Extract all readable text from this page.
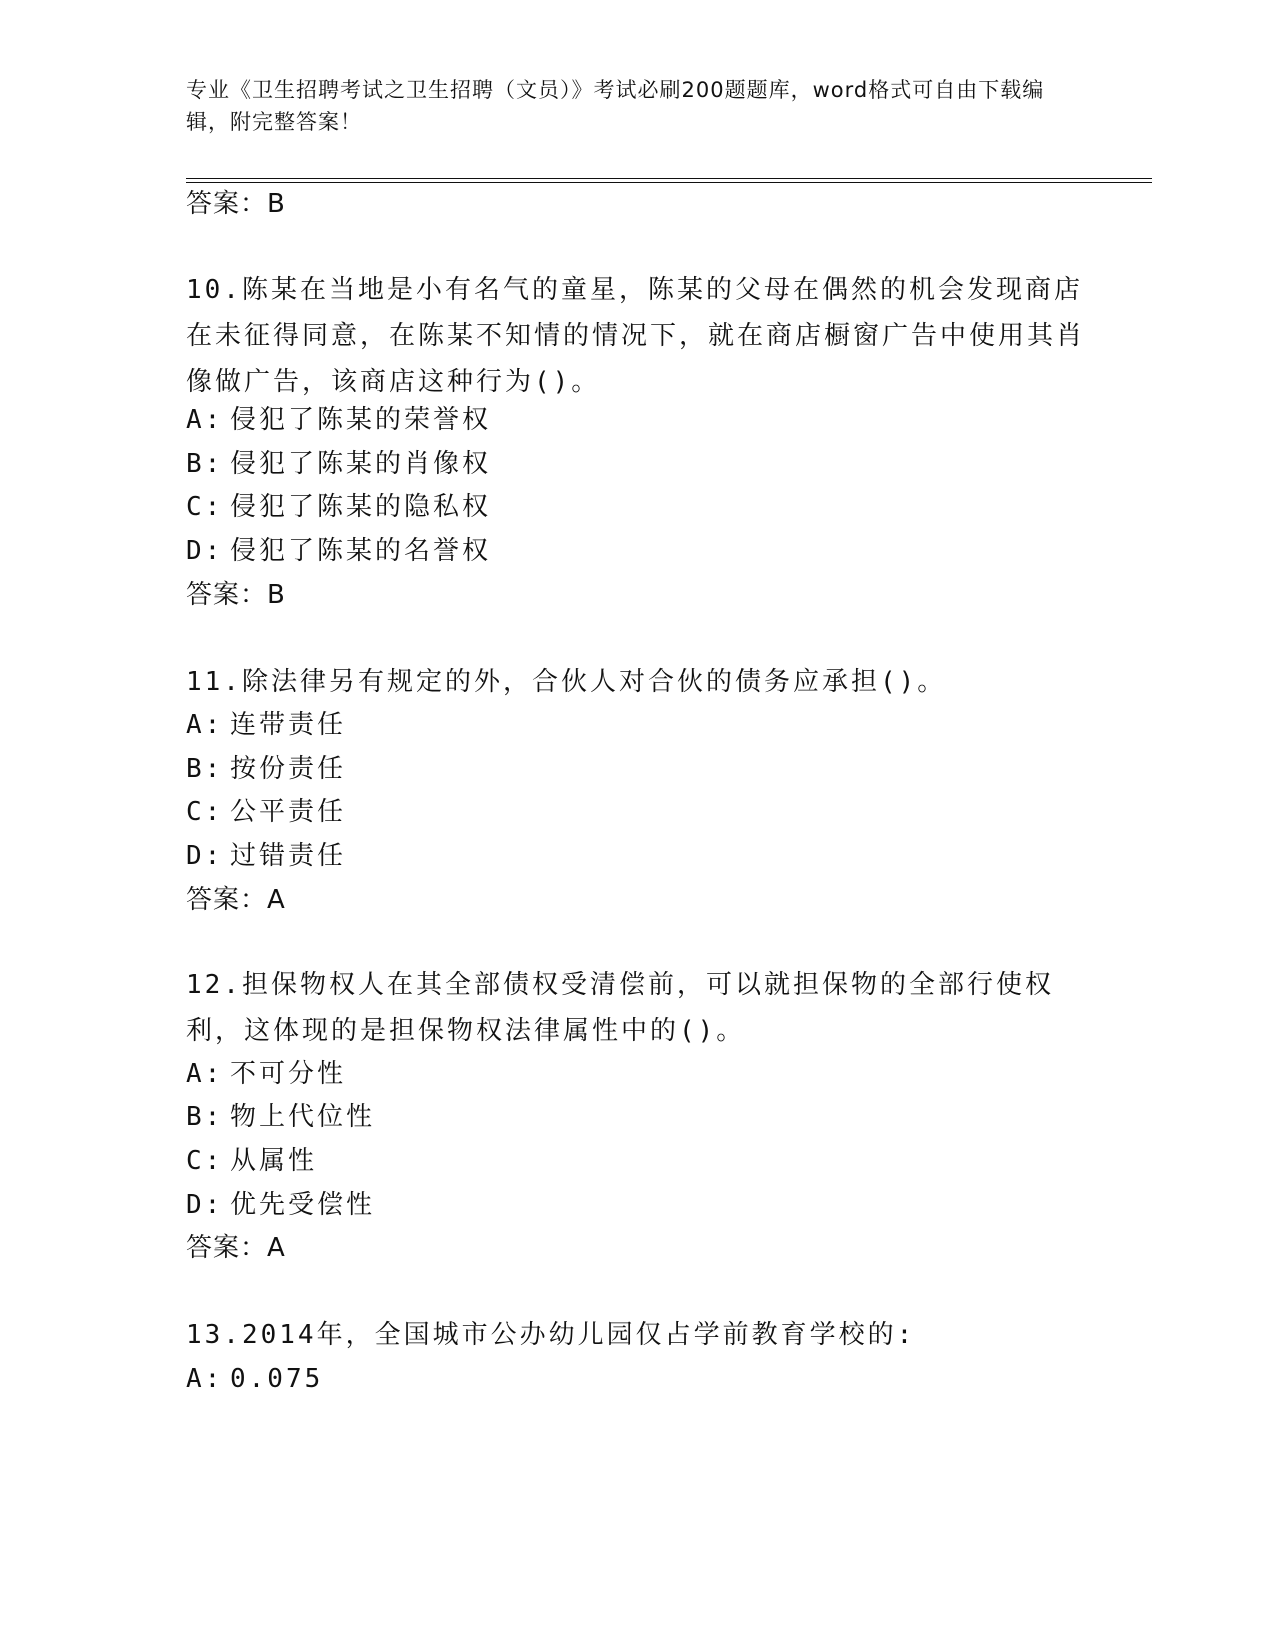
专业《卫生招聘考试之卫生招聘（文员）》考试必刷200题题库，word格式可自由下载编辑，附完整答案！
答案：B
10.陈某在当地是小有名气的童星，陈某的父母在偶然的机会发现商店在未征得同意，在陈某不知情的情况下，就在商店橱窗广告中使用其肖像做广告，该商店这种行为()。
A: 侵犯了陈某的荣誉权
B: 侵犯了陈某的肖像权
C: 侵犯了陈某的隐私权
D: 侵犯了陈某的名誉权
答案：B
11.除法律另有规定的外，合伙人对合伙的债务应承担()。
A: 连带责任
B: 按份责任
C: 公平责任
D: 过错责任
答案：A
12.担保物权人在其全部债权受清偿前，可以就担保物的全部行使权利，这体现的是担保物权法律属性中的()。
A: 不可分性
B: 物上代位性
C: 从属性
D: 优先受偿性
答案：A
13.2014年，全国城市公办幼儿园仅占学前教育学校的:
A: 0.075
